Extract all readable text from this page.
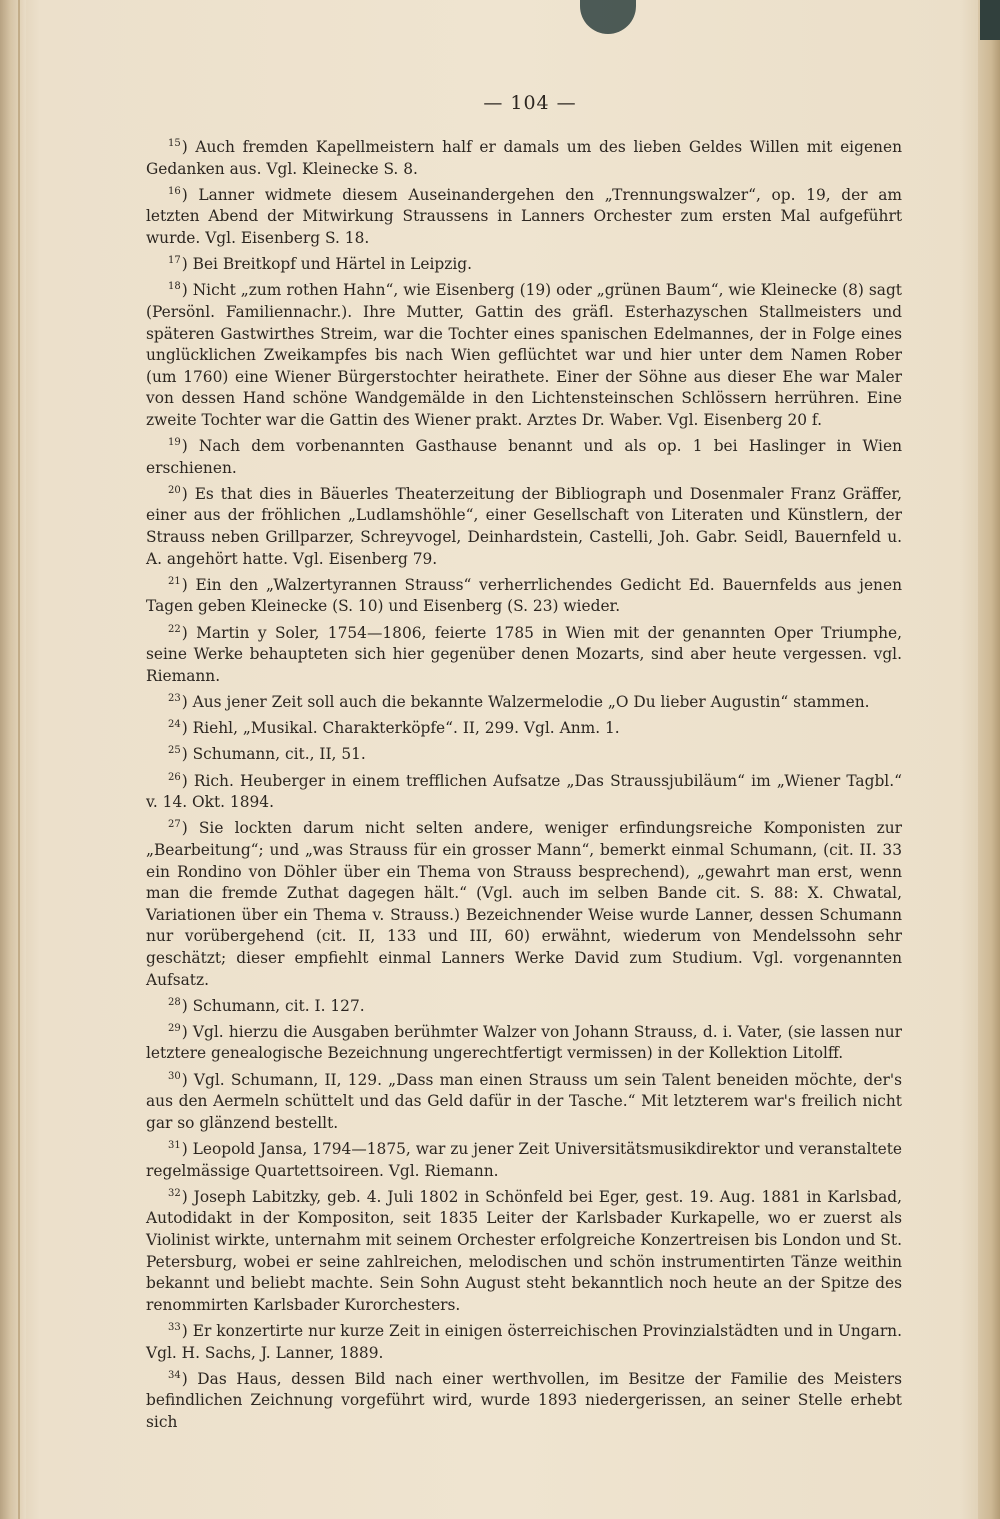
— 104 —

$^{15}$) Auch fremden Kapellmeistern half er damals um des lieben Geldes Willen mit eigenen Gedanken aus. Vgl. Kleinecke S. 8.

$^{16}$) Lanner widmete diesem Auseinandergehen den „Trennungswalzer“, op. 19, der am letzten Abend der Mitwirkung Straussens in Lanners Orchester zum ersten Mal aufgeführt wurde. Vgl. Eisenberg S. 18.

$^{17}$) Bei Breitkopf und Härtel in Leipzig.

$^{18}$) Nicht „zum rothen Hahn“, wie Eisenberg (19) oder „grünen Baum“, wie Kleinecke (8) sagt (Persönl. Familiennachr.). Ihre Mutter, Gattin des gräfl. Esterhazyschen Stallmeisters und späteren Gastwirthes Streim, war die Tochter eines spanischen Edelmannes, der in Folge eines unglücklichen Zweikampfes bis nach Wien geflüchtet war und hier unter dem Namen Rober (um 1760) eine Wiener Bürgerstochter heirathete. Einer der Söhne aus dieser Ehe war Maler von dessen Hand schöne Wandgemälde in den Lichtensteinschen Schlössern herrühren. Eine zweite Tochter war die Gattin des Wiener prakt. Arztes Dr. Waber. Vgl. Eisenberg 20 f.

$^{19}$) Nach dem vorbenannten Gasthause benannt und als op. 1 bei Haslinger in Wien erschienen.

$^{20}$) Es that dies in Bäuerles Theaterzeitung der Bibliograph und Dosenmaler Franz Gräffer, einer aus der fröhlichen „Ludlamshöhle“, einer Gesellschaft von Literaten und Künstlern, der Strauss neben Grillparzer, Schreyvogel, Deinhardstein, Castelli, Joh. Gabr. Seidl, Bauernfeld u. A. angehört hatte. Vgl. Eisenberg 79.

$^{21}$) Ein den „Walzertyrannen Strauss“ verherrlichendes Gedicht Ed. Bauernfelds aus jenen Tagen geben Kleinecke (S. 10) und Eisenberg (S. 23) wieder.

$^{22}$) Martin y Soler, 1754—1806, feierte 1785 in Wien mit der genannten Oper Triumphe, seine Werke behaupteten sich hier gegenüber denen Mozarts, sind aber heute vergessen. vgl. Riemann.

$^{23}$) Aus jener Zeit soll auch die bekannte Walzermelodie „O Du lieber Augustin“ stammen.

$^{24}$) Riehl, „Musikal. Charakterköpfe“. II, 299. Vgl. Anm. 1.

$^{25}$) Schumann, cit., II, 51.

$^{26}$) Rich. Heuberger in einem trefflichen Aufsatze „Das Straussjubiläum“ im „Wiener Tagbl.“ v. 14. Okt. 1894.

$^{27}$) Sie lockten darum nicht selten andere, weniger erfindungsreiche Komponisten zur „Bearbeitung“; und „was Strauss für ein grosser Mann“, bemerkt einmal Schumann, (cit. II. 33 ein Rondino von Döhler über ein Thema von Strauss besprechend), „gewahrt man erst, wenn man die fremde Zuthat dagegen hält.“ (Vgl. auch im selben Bande cit. S. 88: X. Chwatal, Variationen über ein Thema v. Strauss.) Bezeichnender Weise wurde Lanner, dessen Schumann nur vorübergehend (cit. II, 133 und III, 60) erwähnt, wiederum von Mendelssohn sehr geschätzt; dieser empfiehlt einmal Lanners Werke David zum Studium. Vgl. vorgenannten Aufsatz.

$^{28}$) Schumann, cit. I. 127.

$^{29}$) Vgl. hierzu die Ausgaben berühmter Walzer von Johann Strauss, d. i. Vater, (sie lassen nur letztere genealogische Bezeichnung ungerechtfertigt vermissen) in der Kollektion Litolff.

$^{30}$) Vgl. Schumann, II, 129. „Dass man einen Strauss um sein Talent beneiden möchte, der's aus den Aermeln schüttelt und das Geld dafür in der Tasche.“ Mit letzterem war's freilich nicht gar so glänzend bestellt.

$^{31}$) Leopold Jansa, 1794—1875, war zu jener Zeit Universitätsmusikdirektor und veranstaltete regelmässige Quartettsoireen. Vgl. Riemann.

$^{32}$) Joseph Labitzky, geb. 4. Juli 1802 in Schönfeld bei Eger, gest. 19. Aug. 1881 in Karlsbad, Autodidakt in der Kompositon, seit 1835 Leiter der Karlsbader Kurkapelle, wo er zuerst als Violinist wirkte, unternahm mit seinem Orchester erfolgreiche Konzertreisen bis London und St. Petersburg, wobei er seine zahlreichen, melodischen und schön instrumentirten Tänze weithin bekannt und beliebt machte. Sein Sohn August steht bekanntlich noch heute an der Spitze des renommirten Karlsbader Kurorchesters.

$^{33}$) Er konzertirte nur kurze Zeit in einigen österreichischen Provinzialstädten und in Ungarn. Vgl. H. Sachs, J. Lanner, 1889.

$^{34}$) Das Haus, dessen Bild nach einer werthvollen, im Besitze der Familie des Meisters befindlichen Zeichnung vorgeführt wird, wurde 1893 niedergerissen, an seiner Stelle erhebt sich
